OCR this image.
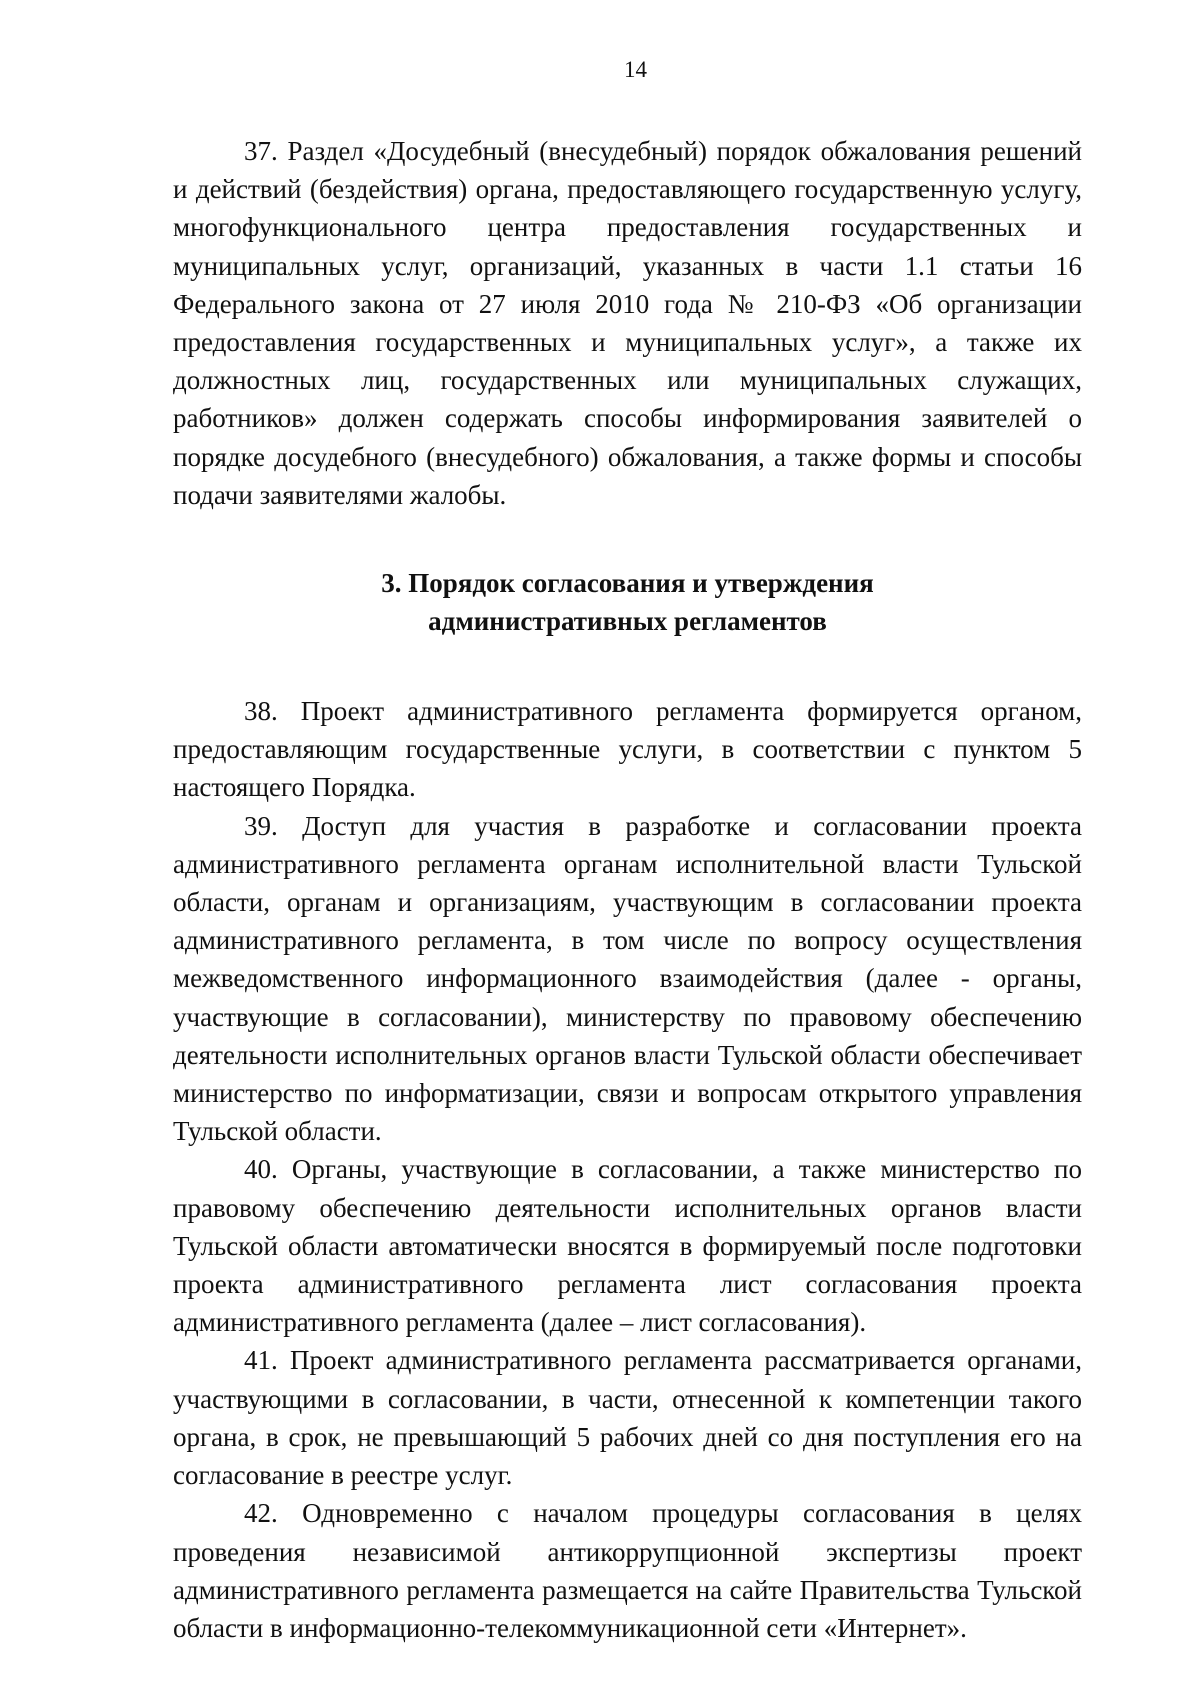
14

37. Раздел «Досудебный (внесудебный) порядок обжалования решений и действий (бездействия) органа, предоставляющего государственную услугу, многофункционального центра предоставления государственных и муниципальных услуг, организаций, указанных в части 1.1 статьи 16 Федерального закона от 27 июля 2010 года № 210-ФЗ «Об организации предоставления государственных и муниципальных услуг», а также их должностных лиц, государственных или муниципальных служащих, работников» должен содержать способы информирования заявителей о порядке досудебного (внесудебного) обжалования, а также формы и способы подачи заявителями жалобы.

3. Порядок согласования и утверждения
административных регламентов

38. Проект административного регламента формируется органом, предоставляющим государственные услуги, в соответствии с пунктом 5 настоящего Порядка.

39. Доступ для участия в разработке и согласовании проекта административного регламента органам исполнительной власти Тульской области, органам и организациям, участвующим в согласовании проекта административного регламента, в том числе по вопросу осуществления межведомственного информационного взаимодействия (далее - органы, участвующие в согласовании), министерству по правовому обеспечению деятельности исполнительных органов власти Тульской области обеспечивает министерство по информатизации, связи и вопросам открытого управления Тульской области.

40. Органы, участвующие в согласовании, а также министерство по правовому обеспечению деятельности исполнительных органов власти Тульской области автоматически вносятся в формируемый после подготовки проекта административного регламента лист согласования проекта административного регламента (далее – лист согласования).

41. Проект административного регламента рассматривается органами, участвующими в согласовании, в части, отнесенной к компетенции такого органа, в срок, не превышающий 5 рабочих дней со дня поступления его на согласование в реестре услуг.

42. Одновременно с началом процедуры согласования в целях проведения независимой антикоррупционной экспертизы проект административного регламента размещается на сайте Правительства Тульской области в информационно-телекоммуникационной сети «Интернет».
